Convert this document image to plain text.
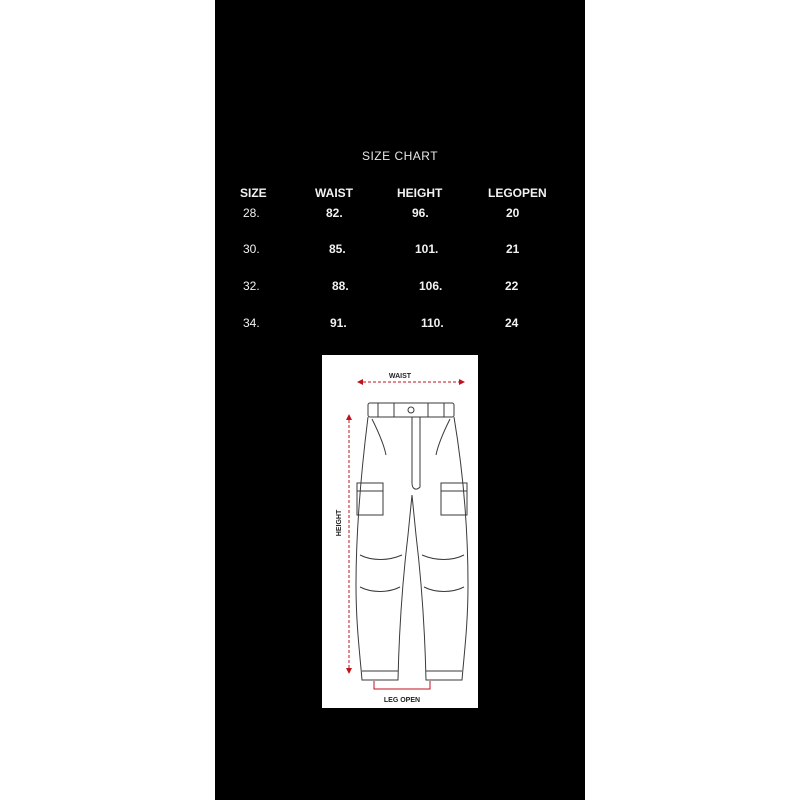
SIZE CHART
SIZE	WAIST	HEIGHT	LEGOPEN
28.	82.	96.	20
30.	85.	101.	21
32.	88.	106.	22
34.	91.	110.	24
WAIST
HEIGHT
LEG OPEN
